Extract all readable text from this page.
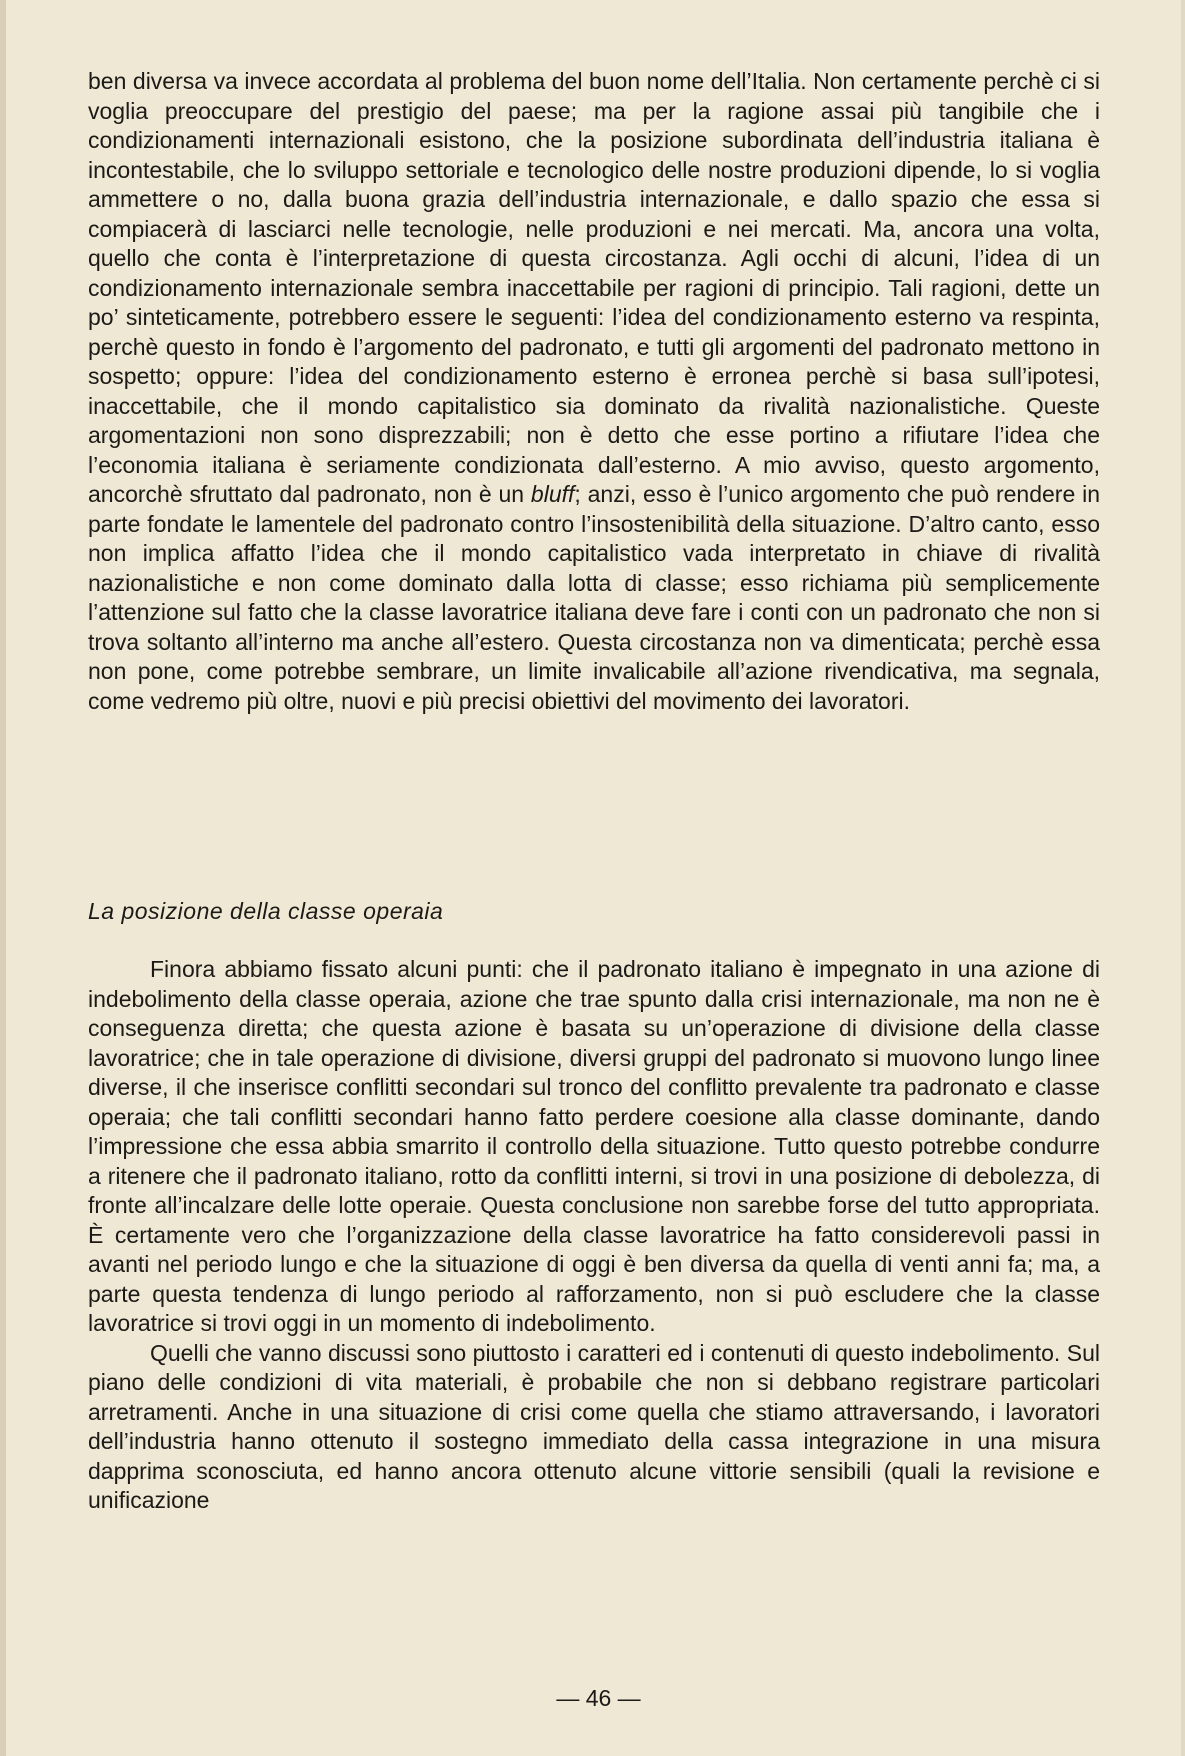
ben diversa va invece accordata al problema del buon nome dell’Italia. Non certamente perchè ci si voglia preoccupare del prestigio del paese; ma per la ragione assai più tangibile che i condizionamenti internazionali esistono, che la posizione subordinata dell’industria italiana è incontestabile, che lo sviluppo settoriale e tecnologico delle nostre produzioni dipende, lo si voglia ammettere o no, dalla buona grazia dell’industria internazionale, e dallo spazio che essa si compiacerà di lasciarci nelle tecnologie, nelle produzioni e nei mercati. Ma, ancora una volta, quello che conta è l’interpretazione di questa circostanza. Agli occhi di alcuni, l’idea di un condizionamento internazionale sembra inaccettabile per ragioni di principio. Tali ragioni, dette un po’ sinteticamente, potrebbero essere le seguenti: l’idea del condizionamento esterno va respinta, perchè questo in fondo è l’argomento del padronato, e tutti gli argomenti del padronato mettono in sospetto; oppure: l’idea del condizionamento esterno è erronea perchè si basa sull’ipotesi, inaccettabile, che il mondo capitalistico sia dominato da rivalità nazionalistiche. Queste argomentazioni non sono disprezzabili; non è detto che esse portino a rifiutare l’idea che l’economia italiana è seriamente condizionata dall’esterno. A mio avviso, questo argomento, ancorchè sfruttato dal padronato, non è un bluff; anzi, esso è l’unico argomento che può rendere in parte fondate le lamentele del padronato contro l’insostenibilità della situazione. D’altro canto, esso non implica affatto l’idea che il mondo capitalistico vada interpretato in chiave di rivalità nazionalistiche e non come dominato dalla lotta di classe; esso richiama più semplicemente l’attenzione sul fatto che la classe lavoratrice italiana deve fare i conti con un padronato che non si trova soltanto all’interno ma anche all’estero. Questa circostanza non va dimenticata; perchè essa non pone, come potrebbe sembrare, un limite invalicabile all’azione rivendicativa, ma segnala, come vedremo più oltre, nuovi e più precisi obiettivi del movimento dei lavoratori.

La posizione della classe operaia

Finora abbiamo fissato alcuni punti: che il padronato italiano è impegnato in una azione di indebolimento della classe operaia, azione che trae spunto dalla crisi internazionale, ma non ne è conseguenza diretta; che questa azione è basata su un’operazione di divisione della classe lavoratrice; che in tale operazione di divisione, diversi gruppi del padronato si muovono lungo linee diverse, il che inserisce conflitti secondari sul tronco del conflitto prevalente tra padronato e classe operaia; che tali conflitti secondari hanno fatto perdere coesione alla classe dominante, dando l’impressione che essa abbia smarrito il controllo della situazione. Tutto questo potrebbe condurre a ritenere che il padronato italiano, rotto da conflitti interni, si trovi in una posizione di debolezza, di fronte all’incalzare delle lotte operaie. Questa conclusione non sarebbe forse del tutto appropriata. È certamente vero che l’organizzazione della classe lavoratrice ha fatto considerevoli passi in avanti nel periodo lungo e che la situazione di oggi è ben diversa da quella di venti anni fa; ma, a parte questa tendenza di lungo periodo al rafforzamento, non si può escludere che la classe lavoratrice si trovi oggi in un momento di indebolimento.

Quelli che vanno discussi sono piuttosto i caratteri ed i contenuti di questo indebolimento. Sul piano delle condizioni di vita materiali, è probabile che non si debbano registrare particolari arretramenti. Anche in una situazione di crisi come quella che stiamo attraversando, i lavoratori dell’industria hanno ottenuto il sostegno immediato della cassa integrazione in una misura dapprima sconosciuta, ed hanno ancora ottenuto alcune vittorie sensibili (quali la revisione e unificazione

— 46 —
